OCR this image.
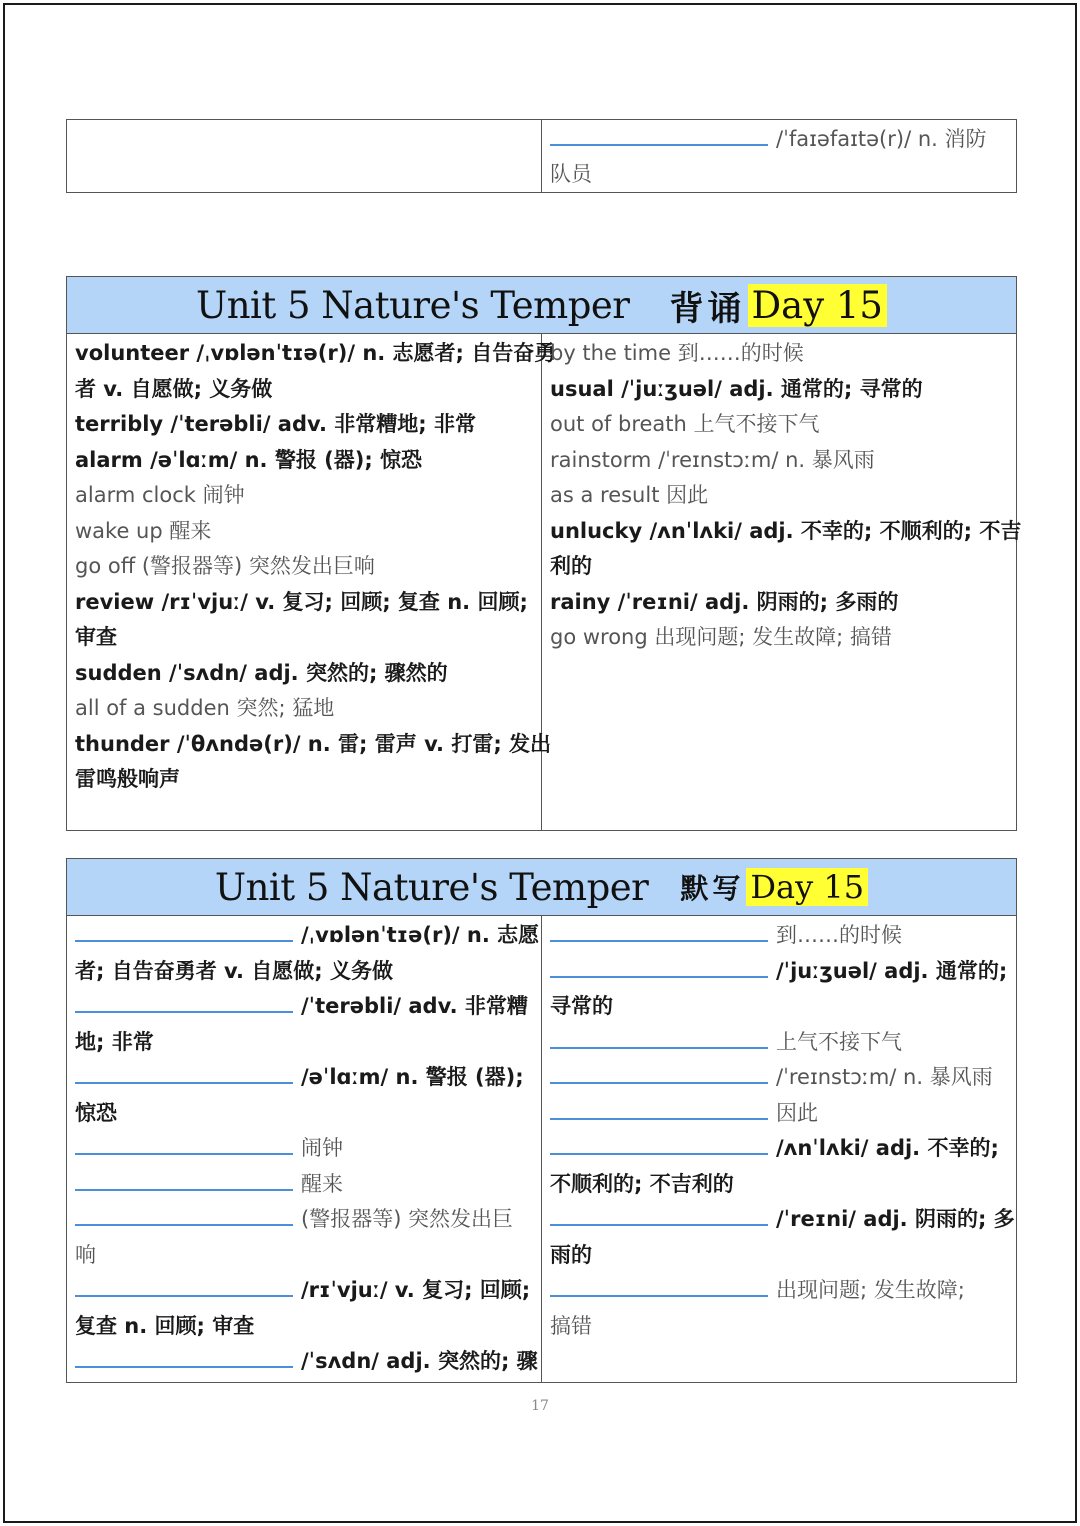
/ˈfaɪəfaɪtə(r)/ n. 消防
队员
Unit 5 Nature's Temper 背诵 Day 15

volunteer /ˌvɒlənˈtɪə(r)/ n. 志愿者; 自告奋勇
者 v. 自愿做; 义务做
terribly /ˈterəbli/ adv. 非常糟地; 非常
alarm /əˈlɑːm/ n. 警报 (器); 惊恐
alarm clock 闹钟
wake up 醒来
go off (警报器等) 突然发出巨响
review /rɪˈvjuː/ v. 复习; 回顾; 复查 n. 回顾;
审查
sudden /ˈsʌdn/ adj. 突然的; 骤然的
all of a sudden 突然; 猛地
thunder /ˈθʌndə(r)/ n. 雷; 雷声 v. 打雷; 发出
雷鸣般响声

by the time 到……的时候
usual /ˈjuːʒuəl/ adj. 通常的; 寻常的
out of breath 上气不接下气
rainstorm /ˈreɪnstɔːm/ n. 暴风雨
as a result 因此
unlucky /ʌnˈlʌki/ adj. 不幸的; 不顺利的; 不吉
利的
rainy /ˈreɪni/ adj. 阴雨的; 多雨的
go wrong 出现问题; 发生故障; 搞错
Unit 5 Nature's Temper 默写 Day 15

/ˌvɒlənˈtɪə(r)/ n. 志愿
者; 自告奋勇者 v. 自愿做; 义务做
/ˈterəbli/ adv. 非常糟
地; 非常
/əˈlɑːm/ n. 警报 (器);
惊恐
闹钟
醒来
(警报器等) 突然发出巨
响
/rɪˈvjuː/ v. 复习; 回顾;
复查 n. 回顾; 审查
/ˈsʌdn/ adj. 突然的; 骤

到……的时候
/ˈjuːʒuəl/ adj. 通常的;
寻常的
上气不接下气
/ˈreɪnstɔːm/ n. 暴风雨
因此
/ʌnˈlʌki/ adj. 不幸的;
不顺利的; 不吉利的
/ˈreɪni/ adj. 阴雨的; 多
雨的
出现问题; 发生故障;
搞错
17
